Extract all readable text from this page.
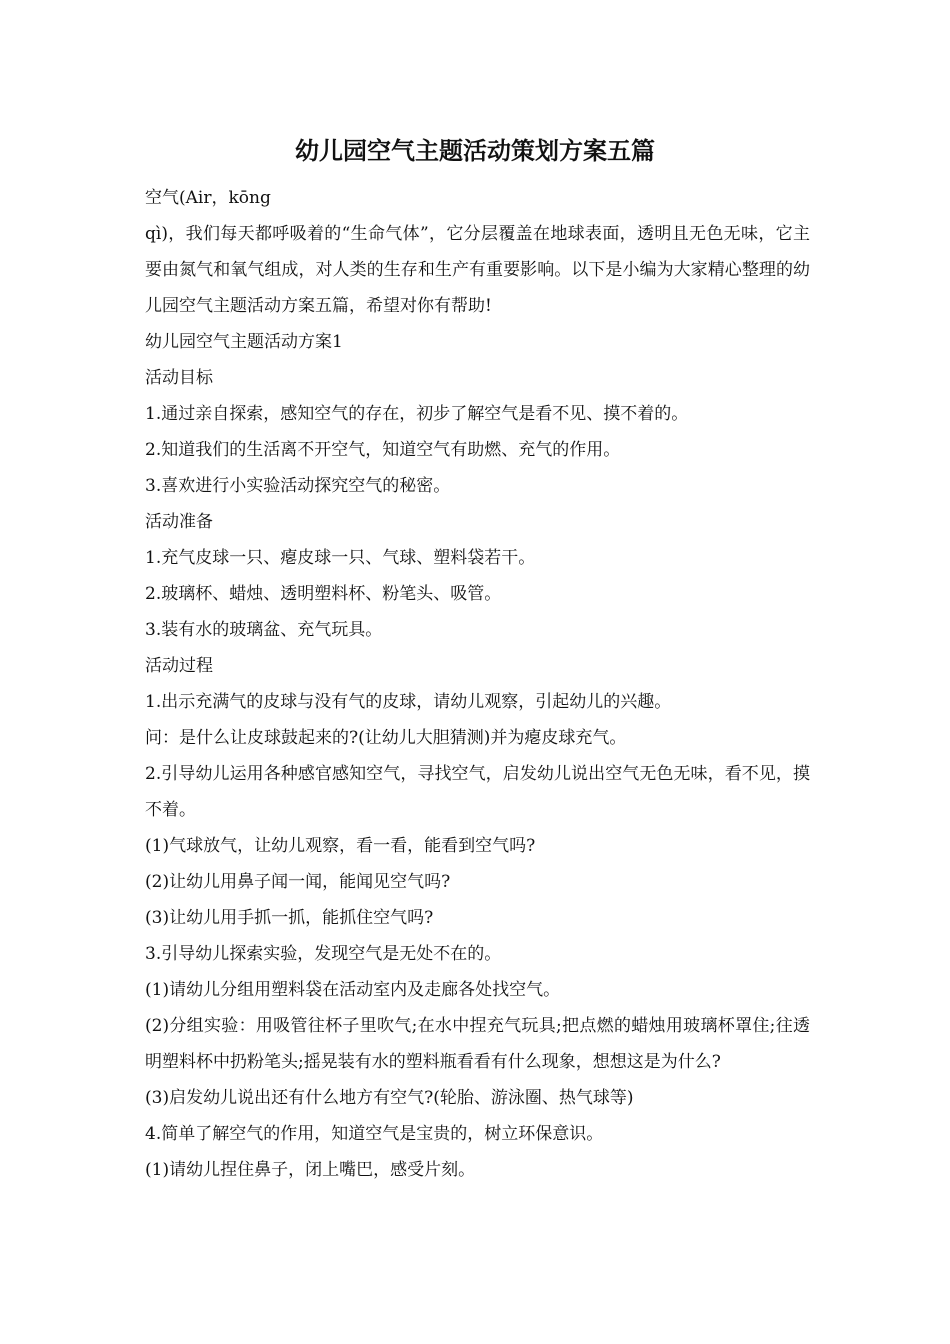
幼儿园空气主题活动策划方案五篇

空气(Air，kōng

qì)，我们每天都呼吸着的“生命气体”，它分层覆盖在地球表面，透明且无色无味，它主要由氮气和氧气组成，对人类的生存和生产有重要影响。以下是小编为大家精心整理的幼儿园空气主题活动方案五篇，希望对你有帮助!

幼儿园空气主题活动方案1

活动目标

1.通过亲自探索，感知空气的存在，初步了解空气是看不见、摸不着的。

2.知道我们的生活离不开空气，知道空气有助燃、充气的作用。

3.喜欢进行小实验活动探究空气的秘密。

活动准备

1.充气皮球一只、瘪皮球一只、气球、塑料袋若干。

2.玻璃杯、蜡烛、透明塑料杯、粉笔头、吸管。

3.装有水的玻璃盆、充气玩具。

活动过程

1.出示充满气的皮球与没有气的皮球，请幼儿观察，引起幼儿的兴趣。

问：是什么让皮球鼓起来的?(让幼儿大胆猜测)并为瘪皮球充气。

2.引导幼儿运用各种感官感知空气，寻找空气，启发幼儿说出空气无色无味，看不见，摸不着。

(1)气球放气，让幼儿观察，看一看，能看到空气吗?

(2)让幼儿用鼻子闻一闻，能闻见空气吗?

(3)让幼儿用手抓一抓，能抓住空气吗?

3.引导幼儿探索实验，发现空气是无处不在的。

(1)请幼儿分组用塑料袋在活动室内及走廊各处找空气。

(2)分组实验：用吸管往杯子里吹气;在水中捏充气玩具;把点燃的蜡烛用玻璃杯罩住;往透明塑料杯中扔粉笔头;摇晃装有水的塑料瓶看看有什么现象，想想这是为什么?

(3)启发幼儿说出还有什么地方有空气?(轮胎、游泳圈、热气球等)

4.简单了解空气的作用，知道空气是宝贵的，树立环保意识。

(1)请幼儿捏住鼻子，闭上嘴巴，感受片刻。
